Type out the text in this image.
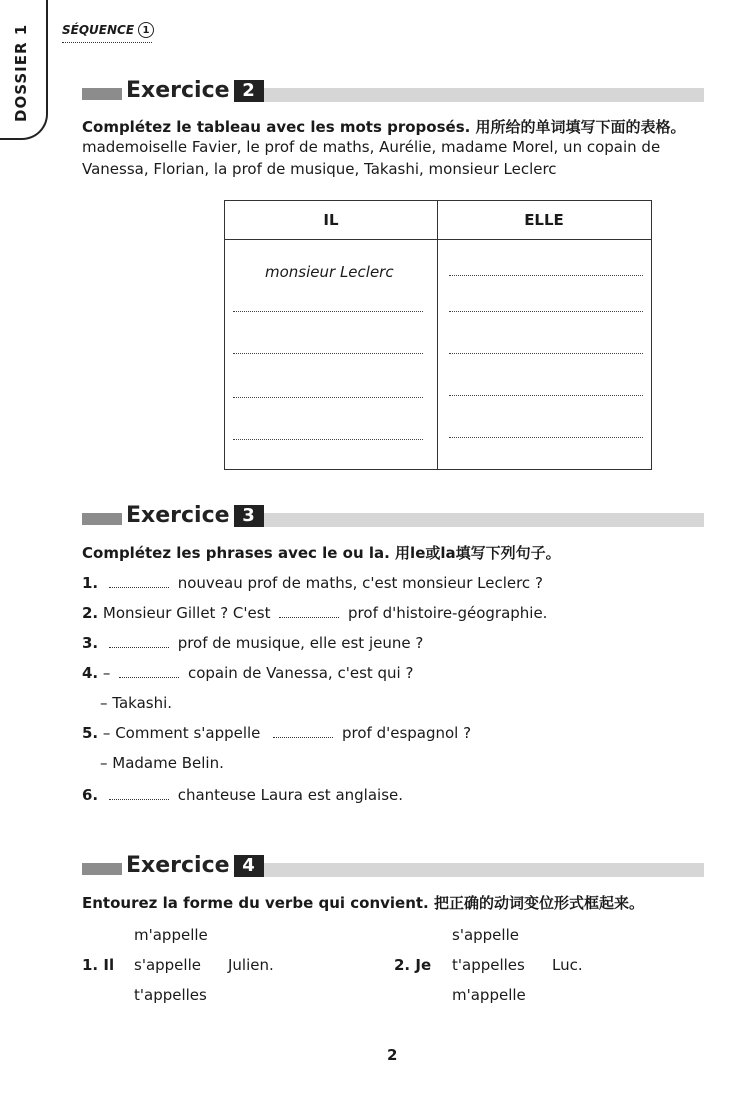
DOSSIER 1	SÉQUENCE 1
Exercice 2
Complétez le tableau avec les mots proposés. 用所给的单词填写下面的表格。
mademoiselle Favier, le prof de maths, Aurélie, madame Morel, un copain de Vanessa, Florian, la prof de musique, Takashi, monsieur Leclerc
IL	ELLE
monsieur Leclerc
Exercice 3
Complétez les phrases avec le ou la. 用le或la填写下列句子。
1.	nouveau prof de maths, c'est monsieur Leclerc ?
2. Monsieur Gillet ? C'est	prof d'histoire-géographie.
3.	prof de musique, elle est jeune ?
4. –	copain de Vanessa, c'est qui ?
– Takashi.
5. – Comment s'appelle	prof d'espagnol ?
– Madame Belin.
6.	chanteuse Laura est anglaise.
Exercice 4
Entourez la forme du verbe qui convient. 把正确的动词变位形式框起来。
m'appelle
1. Il s'appelle Julien.
t'appelles
s'appelle
2. Je t'appelles Luc.
m'appelle
2
